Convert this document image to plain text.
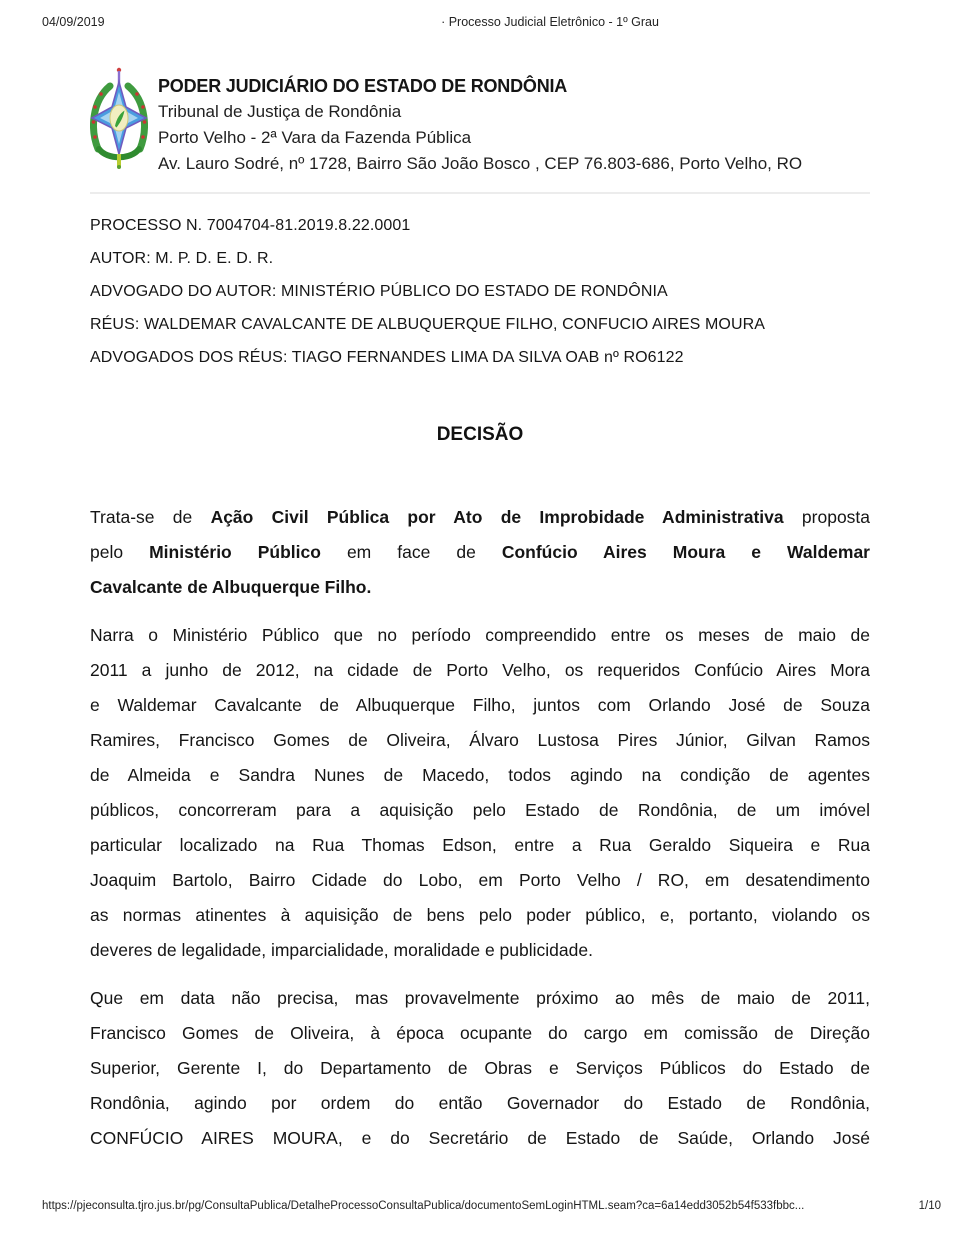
04/09/2019	· Processo Judicial Eletrônico - 1º Grau
https://pjeconsulta.tjro.jus.br/pg/ConsultaPublica/DetalheProcessoConsultaPublica/documentoSemLoginHTML.seam?ca=6a14edd3052b54f533fbbc...	1/10
PODER JUDICIÁRIO DO ESTADO DE RONDÔNIA
Tribunal de Justiça de Rondônia
Porto Velho - 2ª Vara da Fazenda Pública
Av. Lauro Sodré, nº 1728, Bairro São João Bosco , CEP 76.803-686, Porto Velho, RO

PROCESSO N. 7004704-81.2019.8.22.0001

AUTOR: M. P. D. E. D. R.

ADVOGADO DO AUTOR: MINISTÉRIO PÚBLICO DO ESTADO DE RONDÔNIA

RÉUS: WALDEMAR CAVALCANTE DE ALBUQUERQUE FILHO, CONFUCIO AIRES MOURA

ADVOGADOS DOS RÉUS: TIAGO FERNANDES LIMA DA SILVA OAB nº RO6122

DECISÃO
Trata-se de Ação Civil Pública por Ato de Improbidade Administrativa proposta
pelo Ministério Público em face de Confúcio Aires Moura e Waldemar
Cavalcante de Albuquerque Filho.
Narra o Ministério Público que no período compreendido entre os meses de maio de
2011 a junho de 2012, na cidade de Porto Velho, os requeridos Confúcio Aires Mora
e Waldemar Cavalcante de Albuquerque Filho, juntos com Orlando José de Souza
Ramires, Francisco Gomes de Oliveira, Álvaro Lustosa Pires Júnior, Gilvan Ramos
de Almeida e Sandra Nunes de Macedo, todos agindo na condição de agentes
públicos, concorreram para a aquisição pelo Estado de Rondônia, de um imóvel
particular localizado na Rua Thomas Edson, entre a Rua Geraldo Siqueira e Rua
Joaquim Bartolo, Bairro Cidade do Lobo, em Porto Velho / RO, em desatendimento
as normas atinentes à aquisição de bens pelo poder público, e, portanto, violando os
deveres de legalidade, imparcialidade, moralidade e publicidade.
Que em data não precisa, mas provavelmente próximo ao mês de maio de 2011,
Francisco Gomes de Oliveira, à época ocupante do cargo em comissão de Direção
Superior, Gerente I, do Departamento de Obras e Serviços Públicos do Estado de
Rondônia, agindo por ordem do então Governador do Estado de Rondônia,
CONFÚCIO AIRES MOURA, e do Secretário de Estado de Saúde, Orlando José
